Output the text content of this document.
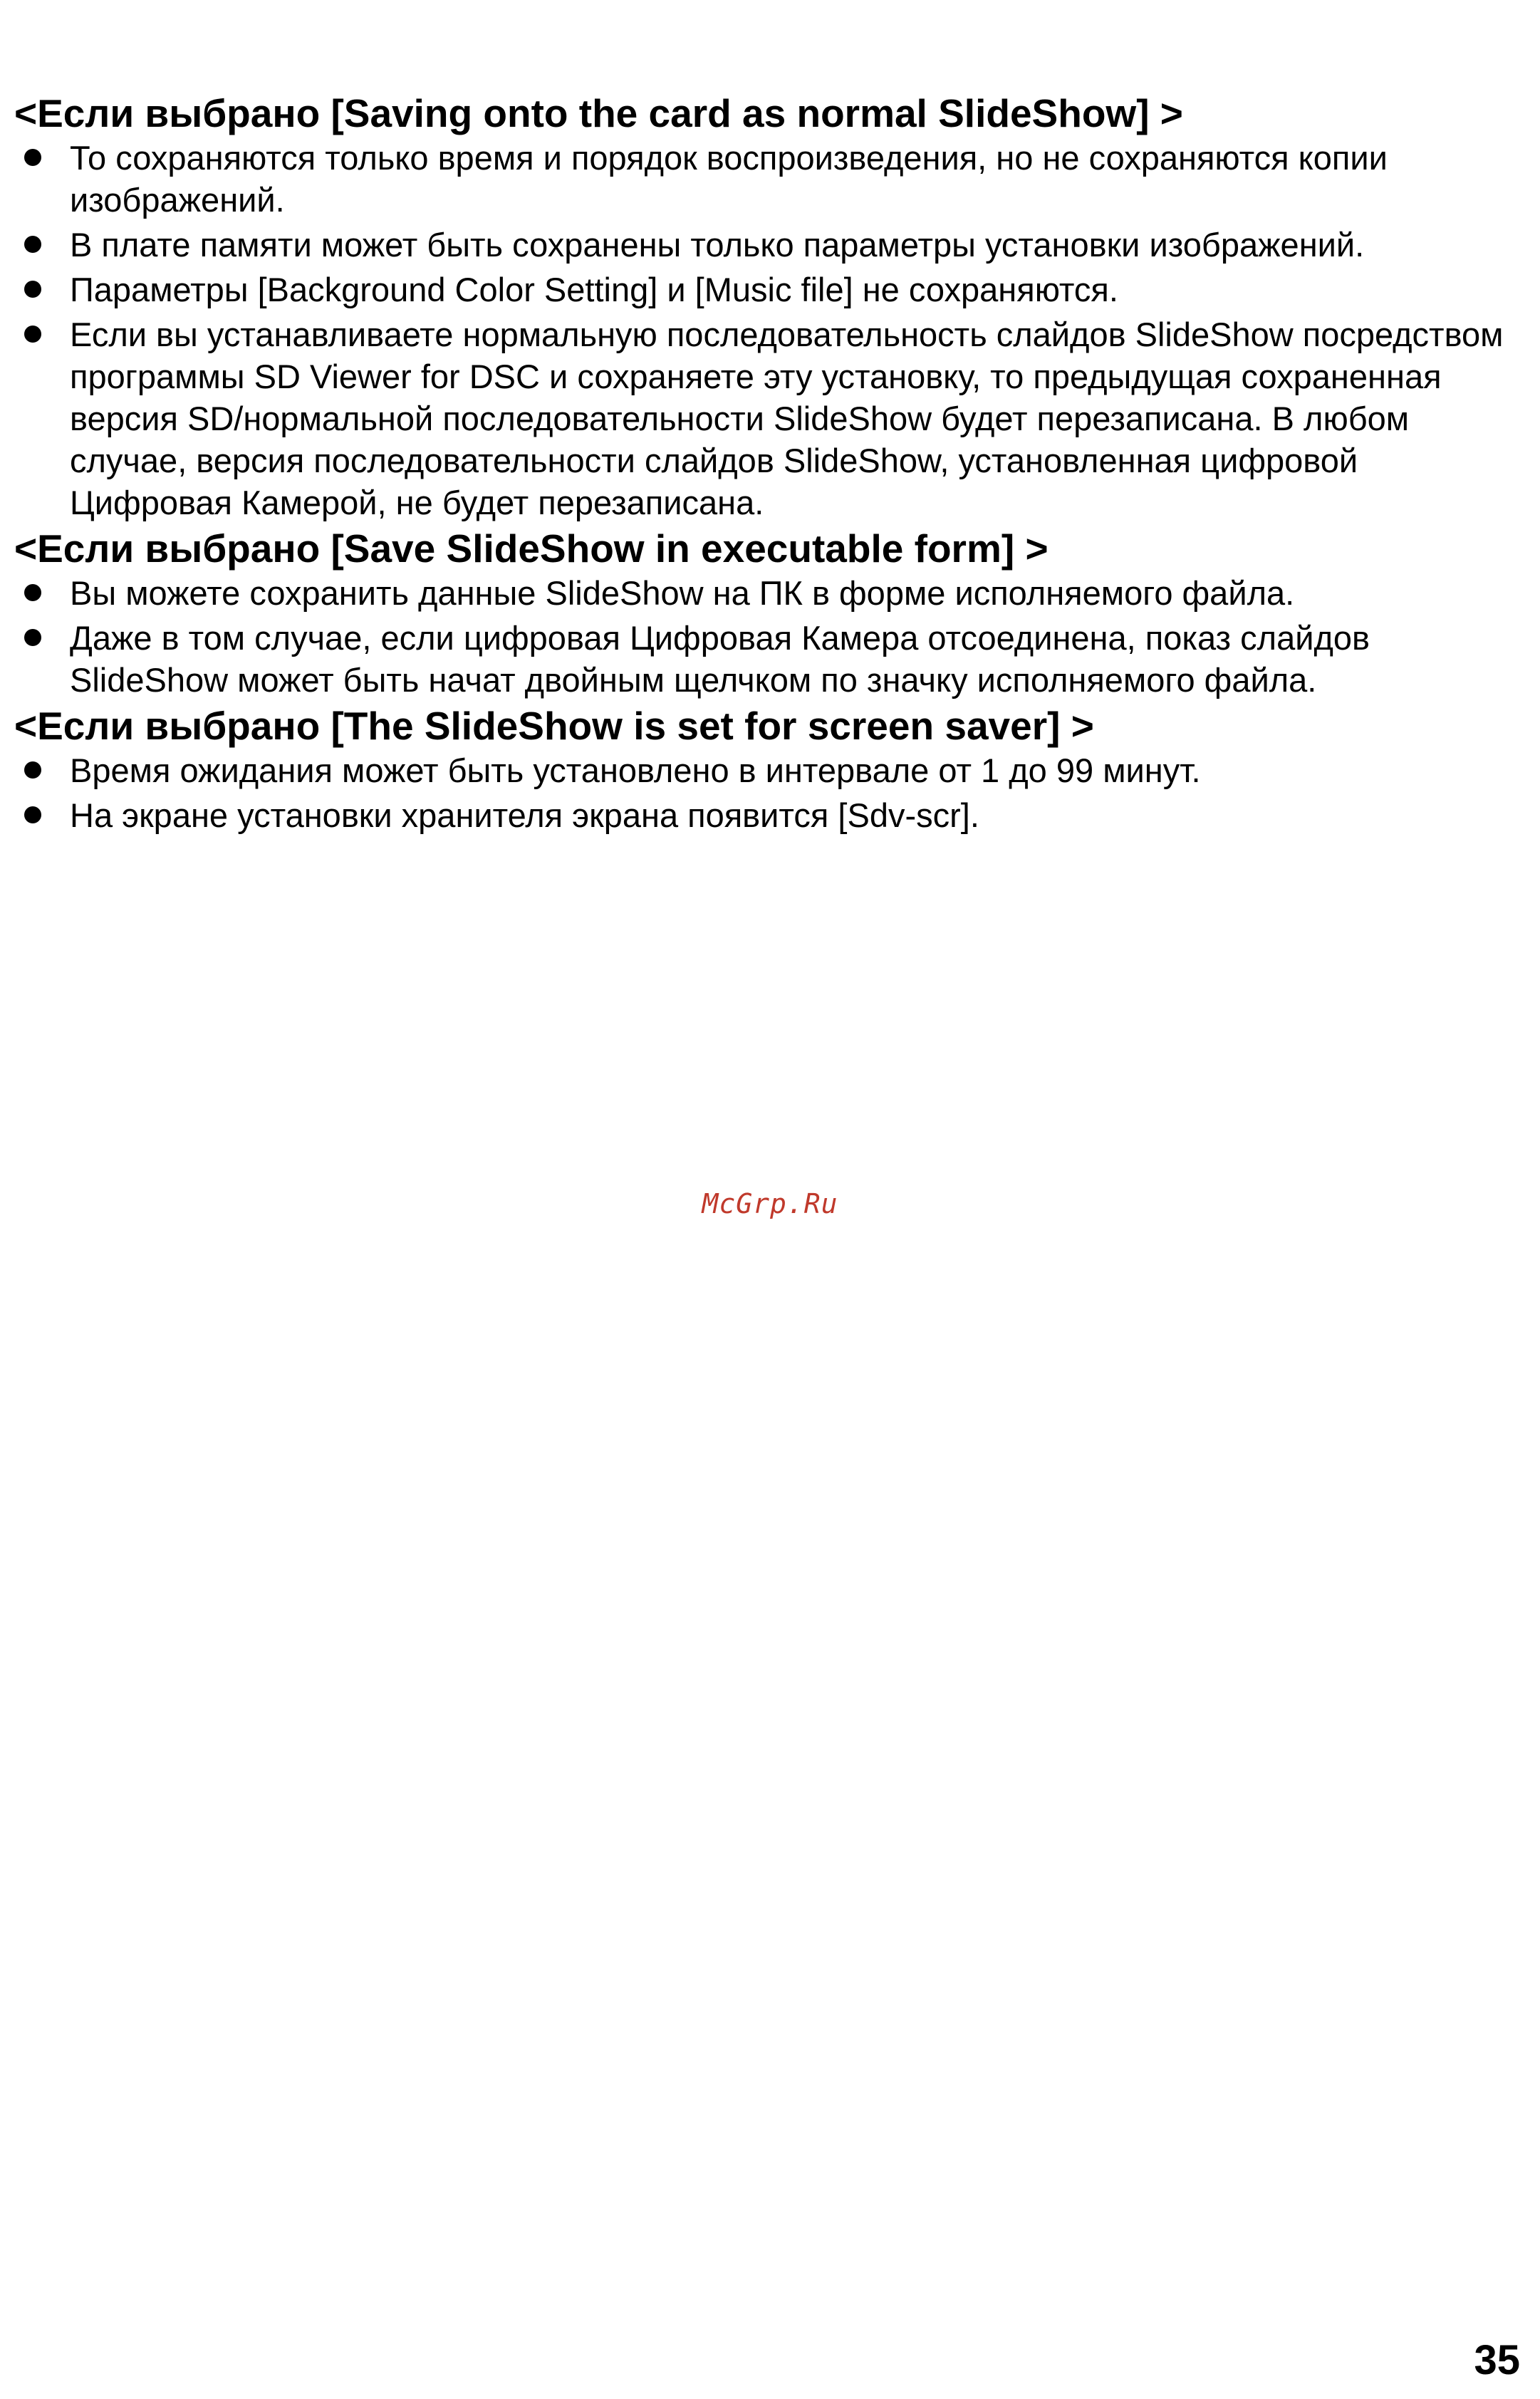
<Если выбрано [Saving onto the card as normal SlideShow] >
То сохраняются только время и порядок воспроизведения, но не сохраняются копии изображений.
В плате памяти может быть сохранены только параметры установки изображений.
Параметры [Background Color Setting] и [Music file] не сохраняются.
Если вы устанавливаете нормальную последовательность слайдов SlideShow посредством программы SD Viewer for DSC и сохраняете эту установку, то предыдущая сохраненная версия SD/нормальной последовательности SlideShow будет перезаписана. В любом случае, версия последовательности слайдов SlideShow, установленная цифровой Цифровая Камерой, не будет перезаписана.
<Если выбрано [Save SlideShow in executable form] >
Вы можете сохранить данные SlideShow на ПК в форме исполняемого файла.
Даже в том случае, если цифровая Цифровая Камера отсоединена, показ слайдов SlideShow может быть начат двойным щелчком по значку исполняемого файла.
<Если выбрано [The SlideShow is set for screen saver] >
Время ожидания может быть установлено в интервале от 1 до 99 минут.
На экране установки хранителя экрана появится [Sdv-scr].
McGrp.Ru
35
